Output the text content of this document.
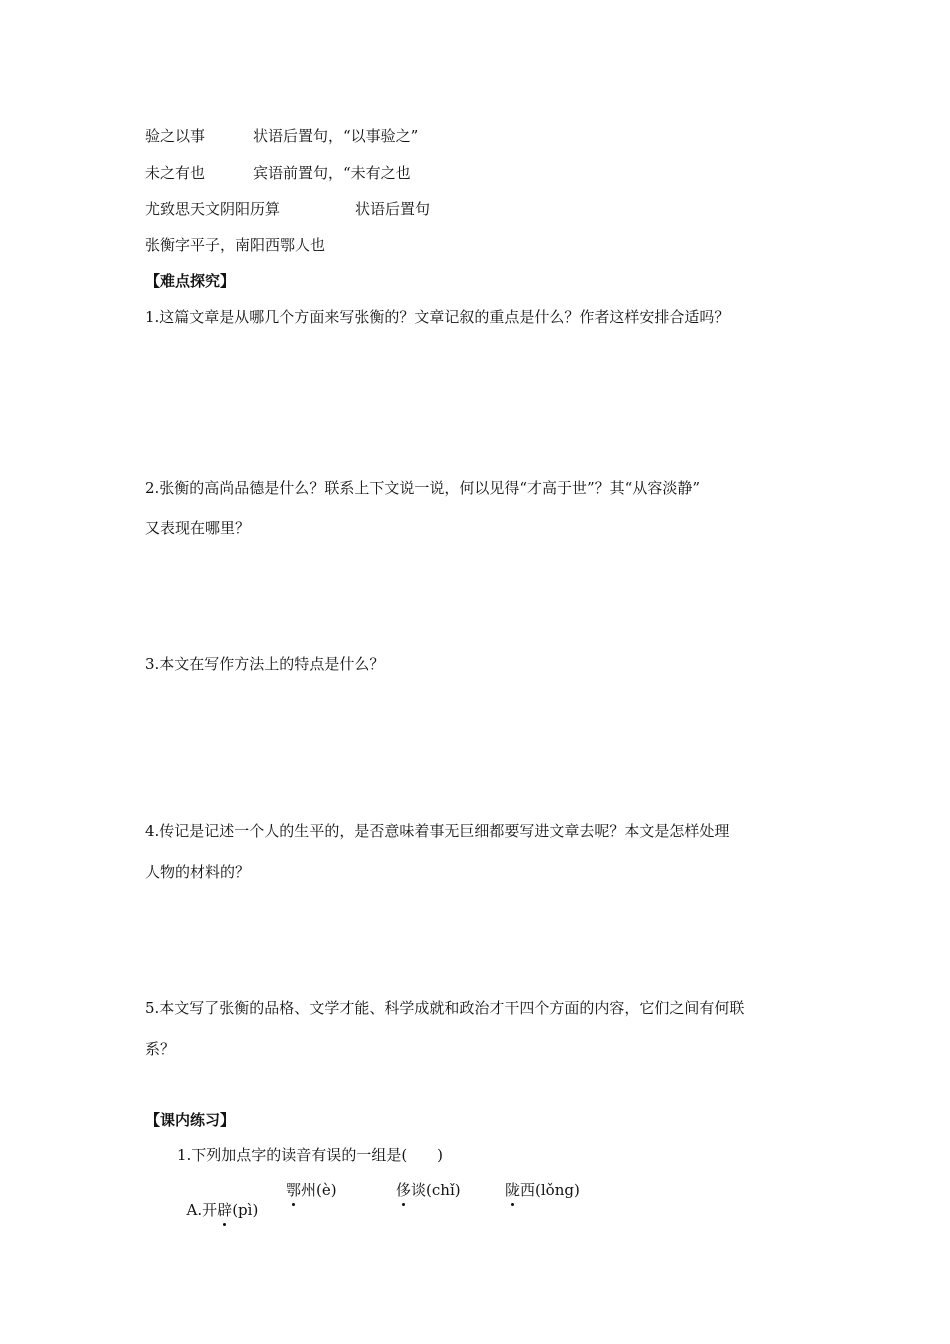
验之以事	状语后置句，“以事验之”
未之有也	宾语前置句，“未有之也
尤致思天文阴阳历算	状语后置句
张衡字平子，南阳西鄂人也
【难点探究】
1.这篇文章是从哪几个方面来写张衡的？文章记叙的重点是什么？作者这样安排合适吗？
2.张衡的高尚品德是什么？联系上下文说一说，何以见得“才高于世”？其“从容淡静”
又表现在哪里？
3.本文在写作方法上的特点是什么？
4.传记是记述一个人的生平的，是否意味着事无巨细都要写进文章去呢？本文是怎样处理
人物的材料的？
5.本文写了张衡的品格、文学才能、科学成就和政治才干四个方面的内容，它们之间有何联
系？
【课内练习】
1.下列加点字的读音有误的一组是(　　)

A.开辟(pì)

鄂州(è)	侈谈(chǐ)	陇西(lǒng)
